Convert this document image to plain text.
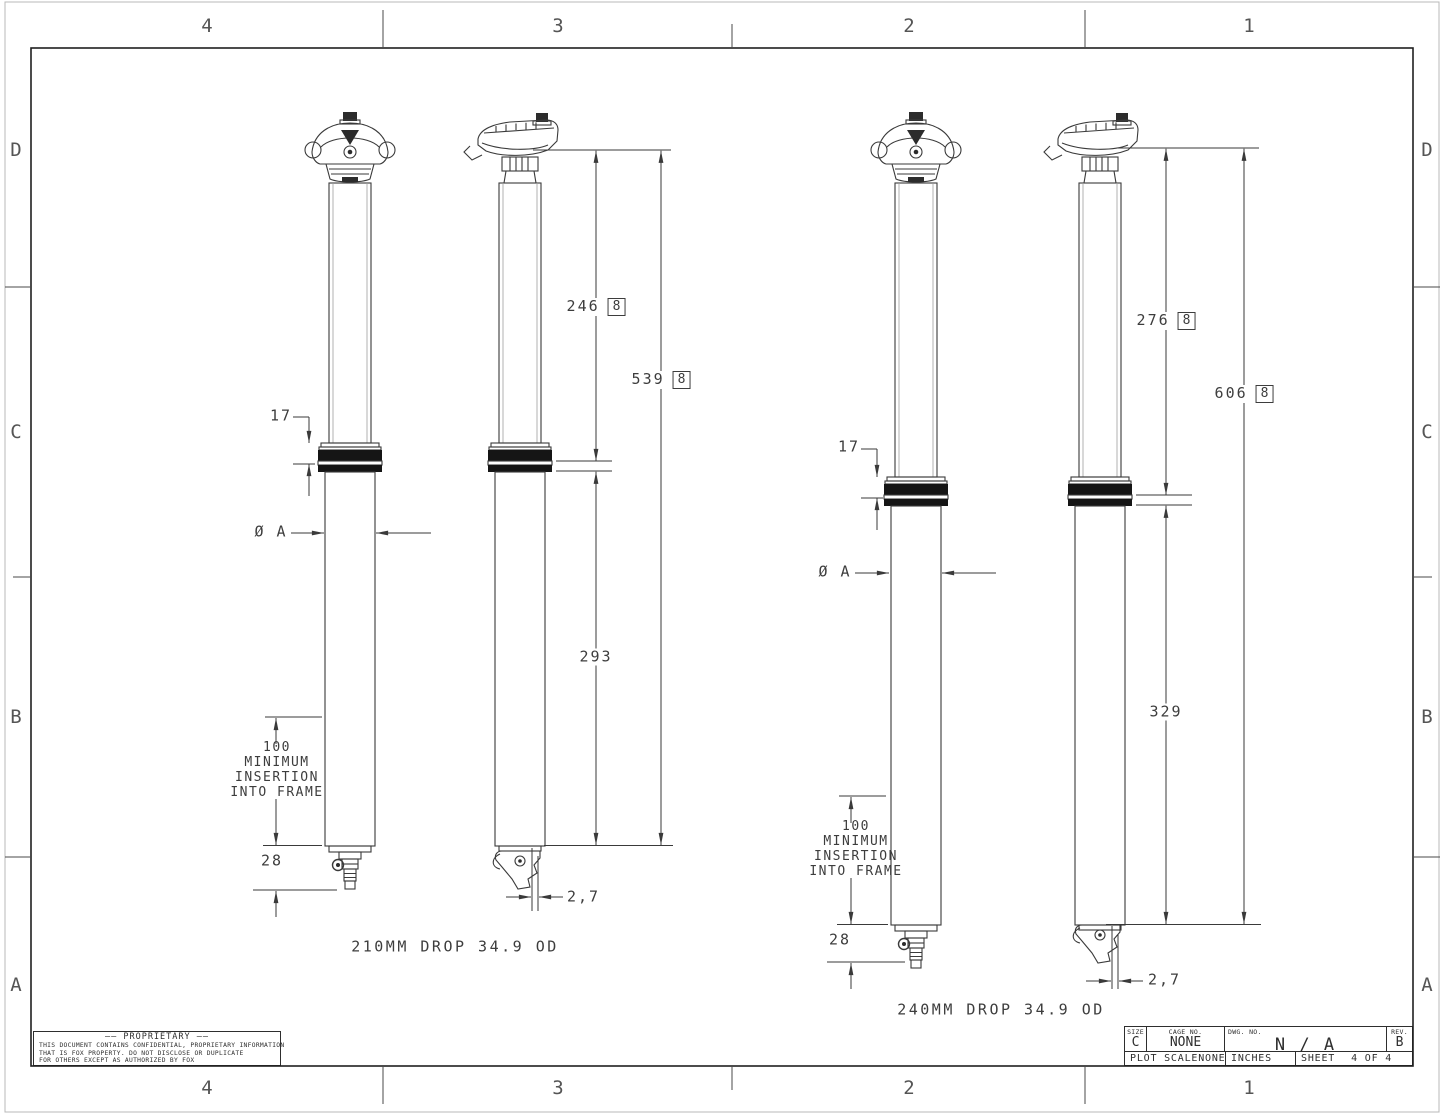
4	3	2	1
4	3	2	1
D
C
B
A
D
C
B
A
17
Ø A
246 8
539 8
293
100
MINIMUM
INSERTION
INTO FRAME
28
2,7
210MM DROP 34.9 OD
17
Ø A
276 8
606 8
329
100
MINIMUM
INSERTION
INTO FRAME
28
2,7
240MM DROP 34.9 OD
—— PROPRIETARY ——
THIS DOCUMENT CONTAINS CONFIDENTIAL, PROPRIETARY INFORMATION
THAT IS FOX PROPERTY. DO NOT DISCLOSE OR DUPLICATE
FOR OTHERS EXCEPT AS AUTHORIZED BY FOX
SIZE
C
CAGE NO.
NONE
DWG. NO.
N / A
REV.
B
PLOT SCALE NONE INCHES	SHEET 4 OF 4
